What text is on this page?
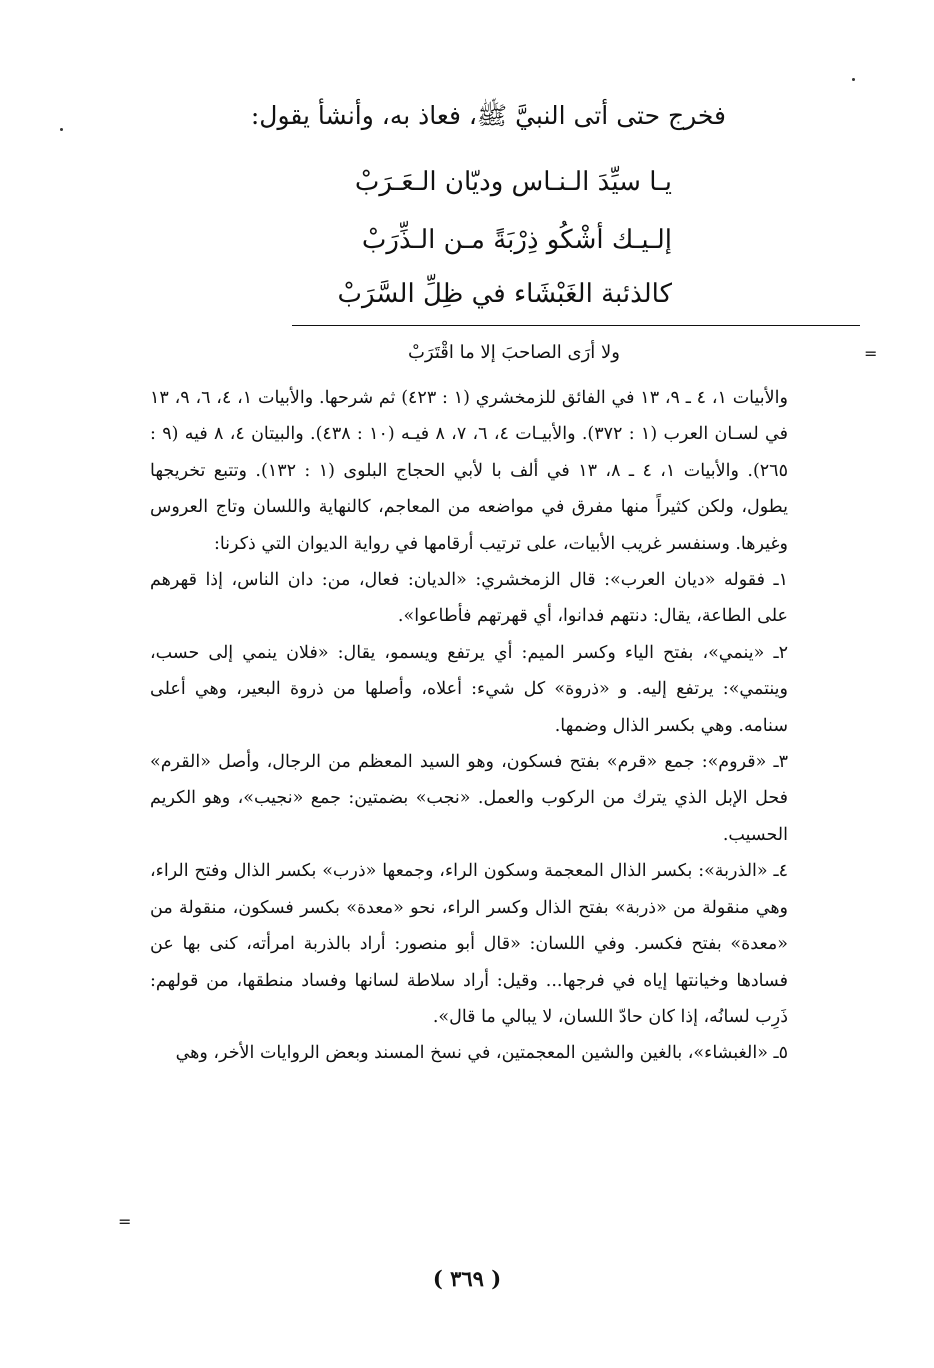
فخرج حتى أتى النبيَّ ﷺ، فعاذ به، وأنشأ يقول:
يـا سيِّدَ الـنـاس وديّان الـعَـرَبْ
إلـيـك أشْكُو ذِرْبَةً مـن الـذِّرَبْ
كالذئبة الغَبْشَاء في ظِلِّ السَّرَبْ
ولا أرَى الصاحبَ إلا ما اقْتَرَبْ	=

والأبيات ١، ٤ ـ ٩، ١٣ في الفائق للزمخشري (١ : ٤٢٣) ثم شرحها. والأبيات ١، ٤، ٦، ٩، ١٣ في لسـان العرب (١ : ٣٧٢). والأبيـات ٤، ٦، ٧، ٨ فيـه (١٠ : ٤٣٨). والبيتان ٤، ٨ فيه (٩ : ٢٦٥). والأبيات ١، ٤ ـ ٨، ١٣ في ألف با لأبي الحجاج البلوى (١ : ١٣٢). وتتبع تخريجها يطول، ولكن كثيراً منها مفرق في مواضعه من المعاجم، كالنهاية واللسان وتاج العروس وغيرها. وسنفسر غريب الأبيات، على ترتيب أرقامها في رواية الديوان التي ذكرنا:

١ـ فقوله «ديان العرب»: قال الزمخشري: «الديان: فعال، من: دان الناس، إذا قهرهم على الطاعة، يقال: دنتهم فدانوا، أي قهرتهم فأطاعوا».

٢ـ «ينمي»، بفتح الياء وكسر الميم: أي يرتفع ويسمو، يقال: «فلان ينمي إلى حسب، وينتمي»: يرتفع إليه. و «ذروة» كل شيء: أعلاه، وأصلها من ذروة البعير، وهي أعلى سنامه. وهي بكسر الذال وضمها.

٣ـ «قروم»: جمع «قرم» بفتح فسكون، وهو السيد المعظم من الرجال، وأصل «القرم» فحل الإبل الذي يترك من الركوب والعمل. «نجب» بضمتين: جمع «نجيب»، وهو الكريم الحسيب.

٤ـ «الذربة»: بكسر الذال المعجمة وسكون الراء، وجمعها «ذرب» بكسر الذال وفتح الراء، وهي منقولة من «ذربة» بفتح الذال وكسر الراء، نحو «معدة» بكسر فسكون، منقولة من «معدة» بفتح فكسر. وفي اللسان: «قال أبو منصور: أراد بالذربة امرأته، كنى بها عن فسادها وخيانتها إياه في فرجها... وقيل: أراد سلاطة لسانها وفساد منطقها، من قولهم: ذَرِب لسانُه، إذا كان حادّ اللسان، لا يبالي ما قال».

٥ـ «الغبشاء»، بالغين والشين المعجمتين، في نسخ المسند وبعض الروايات الأخر، وهي

=
( ٣٦٩ )
